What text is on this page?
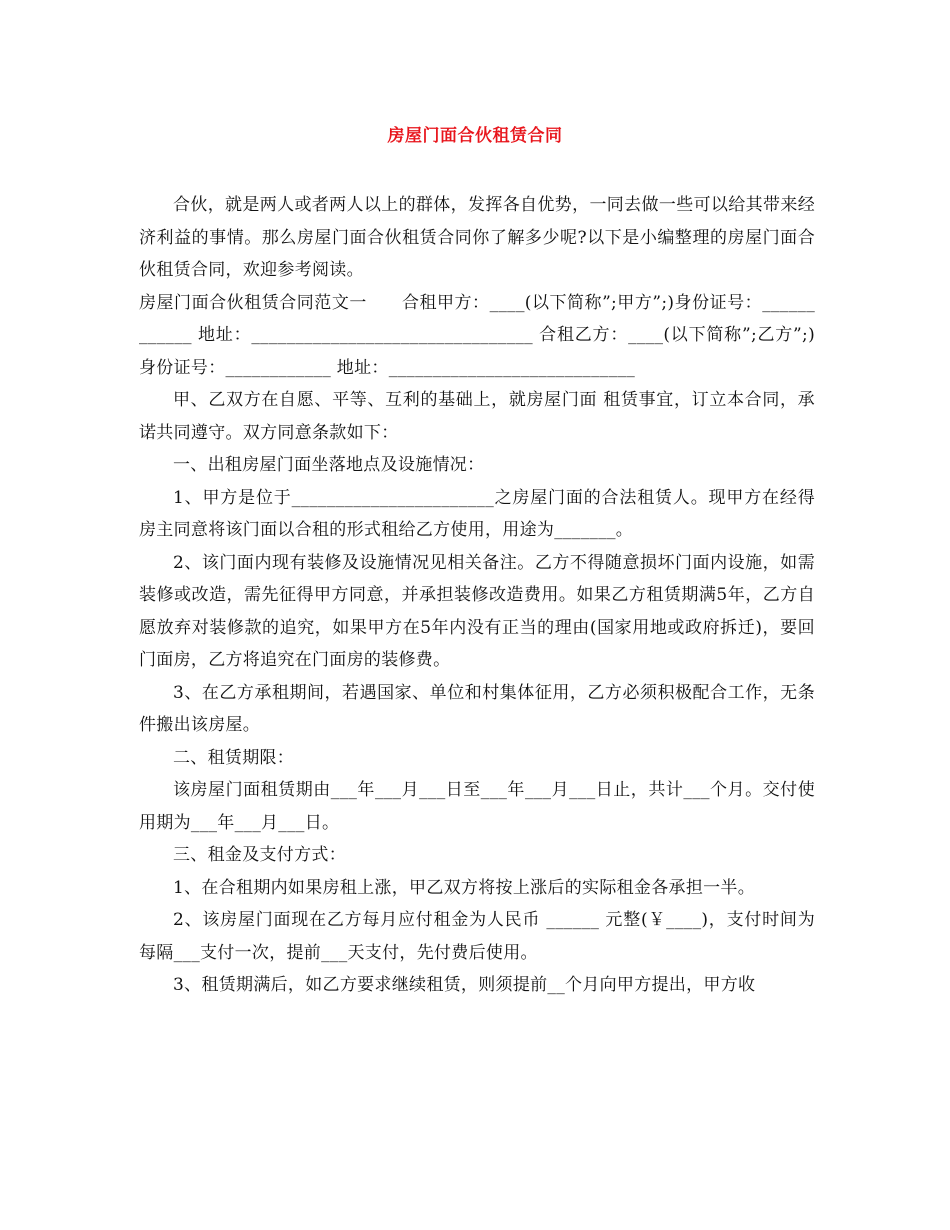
房屋门面合伙租赁合同

合伙，就是两人或者两人以上的群体，发挥各自优势，一同去做一些可以给其带来经济利益的事情。那么房屋门面合伙租赁合同你了解多少呢?以下是小编整理的房屋门面合伙租赁合同，欢迎参考阅读。

房屋门面合伙租赁合同范文一　　合租甲方：____(以下简称”;甲方”;)身份证号：____________ 地址：________________________________ 合租乙方：____(以下简称”;乙方”;)身份证号：____________ 地址：____________________________

甲、乙双方在自愿、平等、互利的基础上，就房屋门面 租赁事宜，订立本合同，承诺共同遵守。双方同意条款如下：

一、出租房屋门面坐落地点及设施情况：

1、甲方是位于_______________________之房屋门面的合法租赁人。现甲方在经得房主同意将该门面以合租的形式租给乙方使用，用途为_______。

2、该门面内现有装修及设施情况见相关备注。乙方不得随意损坏门面内设施，如需装修或改造，需先征得甲方同意，并承担装修改造费用。如果乙方租赁期满5年，乙方自愿放弃对装修款的追究，如果甲方在5年内没有正当的理由(国家用地或政府拆迁)，要回门面房，乙方将追究在门面房的装修费。

3、在乙方承租期间，若遇国家、单位和村集体征用，乙方必须积极配合工作，无条件搬出该房屋。

二、租赁期限：

该房屋门面租赁期由___年___月___日至___年___月___日止，共计___个月。交付使用期为___年___月___日。

三、租金及支付方式：

1、在合租期内如果房租上涨，甲乙双方将按上涨后的实际租金各承担一半。

2、该房屋门面现在乙方每月应付租金为人民币 ______ 元整(￥____)，支付时间为每隔___支付一次，提前___天支付，先付费后使用。

3、租赁期满后，如乙方要求继续租赁，则须提前__个月向甲方提出，甲方收
